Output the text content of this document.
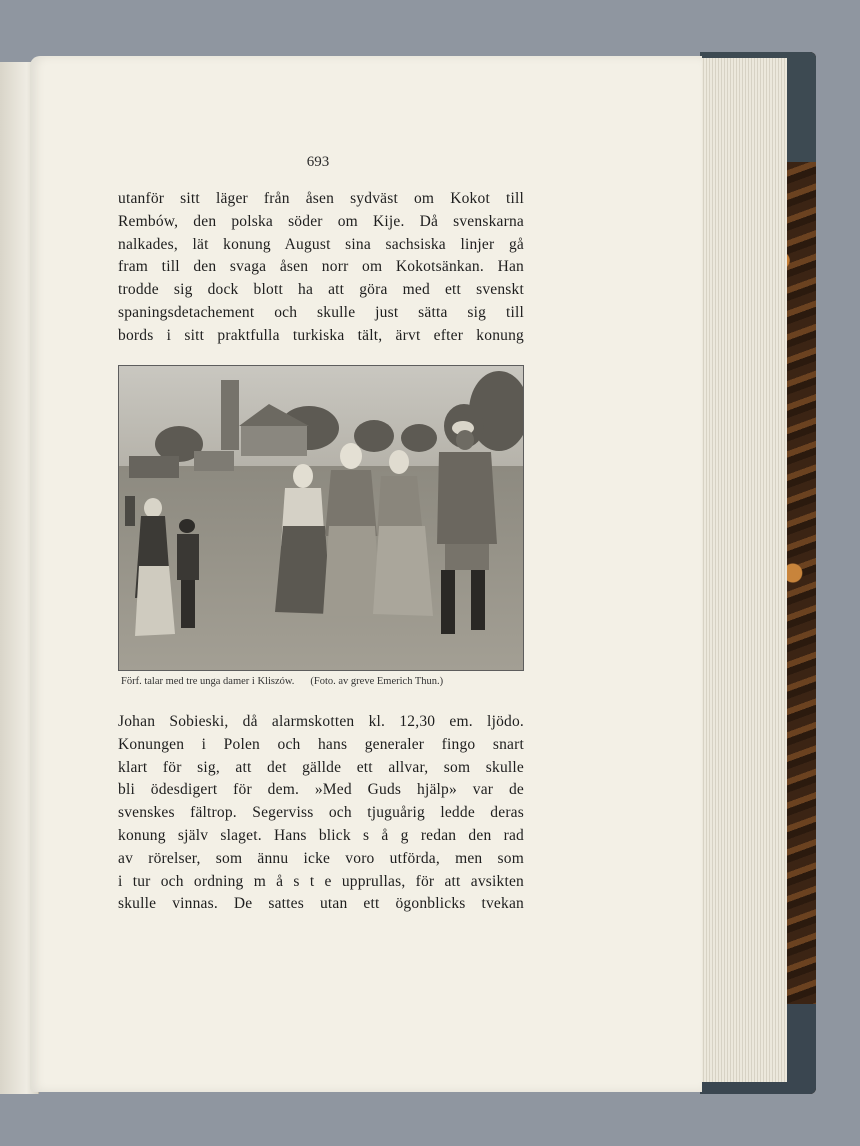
693
utanför sitt läger från åsen sydväst om Kokot till
Rembów, den polska söder om Kije. Då svenskarna
nalkades, lät konung August sina sachsiska linjer gå
fram till den svaga åsen norr om Kokotsänkan. Han
trodde sig dock blott ha att göra med ett svenskt
spaningsdetachement och skulle just sätta sig till
bords i sitt praktfulla turkiska tält, ärvt efter konung
Förf. talar med tre unga damer i Kliszów. (Foto. av greve Emerich Thun.)
Johan Sobieski, då alarmskotten kl. 12,30 em. ljödo.
Konungen i Polen och hans generaler fingo snart
klart för sig, att det gällde ett allvar, som skulle
bli ödesdigert för dem. »Med Guds hjälp» var de
svenskes fältrop. Segerviss och tjuguårig ledde deras
konung själv slaget. Hans blick s å g redan den rad
av rörelser, som ännu icke voro utförda, men som
i tur och ordning m å s t e upprullas, för att avsikten
skulle vinnas. De sattes utan ett ögonblicks tvekan
